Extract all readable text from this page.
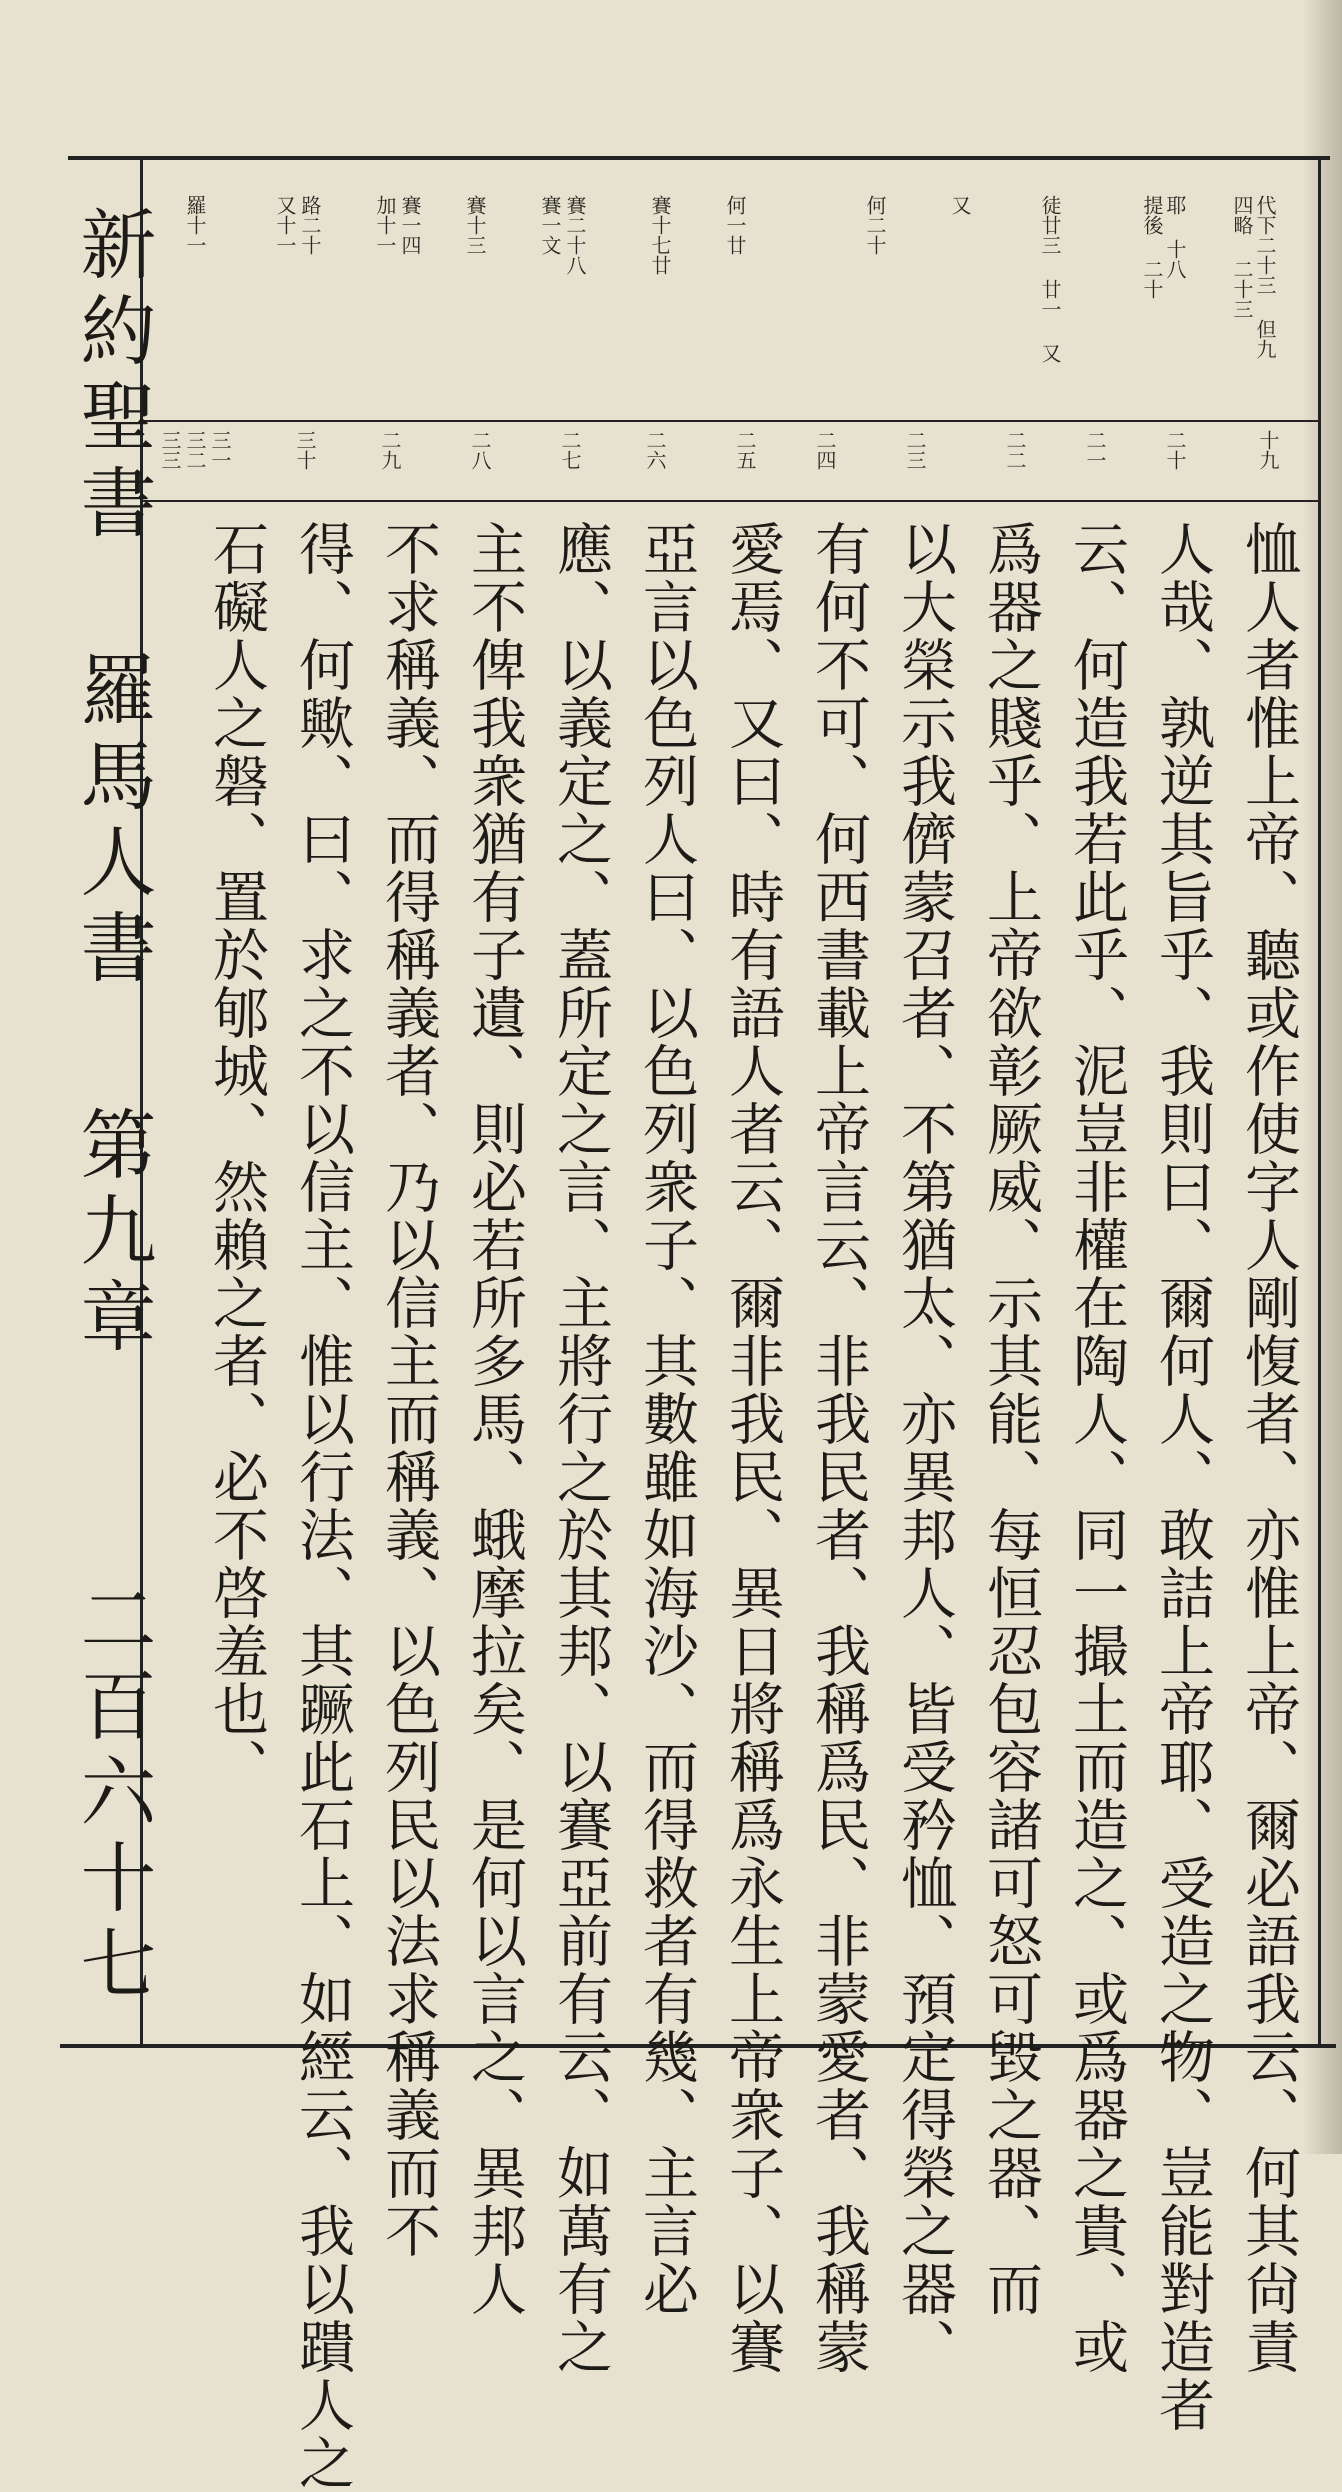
新約聖書
羅馬人書
第九章
二百六十七
代下二十三 但九
四略 二十三
耶 十八
提後 二十
徒廿三 廿一 又
又
何二十
何一廿
賽十七廿
賽二十八
賽一文
賽十三
賽一四
加十一
路二十
又十一
羅十一
十九
二十
二一
二二
二三
二四
二五
二六
二七
二八
二九
三十
三一
三二
三三
恤人者惟上帝、聽或作使字人剛愎者、亦惟上帝、爾必語我云、何其尙責
人哉、孰逆其旨乎、我則曰、爾何人、敢詰上帝耶、受造之物、豈能對造者
云、何造我若此乎、泥豈非權在陶人、同一撮土而造之、或爲器之貴、或
爲器之賤乎、上帝欲彰厥威、示其能、每恒忍包容諸可怒可毀之器、而
以大榮示我儕蒙召者、不第猶太、亦異邦人、皆受矜恤、預定得榮之器、
有何不可、何西書載上帝言云、非我民者、我稱爲民、非蒙愛者、我稱蒙
愛焉、又曰、時有語人者云、爾非我民、異日將稱爲永生上帝衆子、以賽
亞言以色列人曰、以色列衆子、其數雖如海沙、而得救者有幾、主言必
應、以義定之、蓋所定之言、主將行之於其邦、以賽亞前有云、如萬有之
主不俾我衆猶有子遺、則必若所多馬、蛾摩拉矣、是何以言之、異邦人
不求稱義、而得稱義者、乃以信主而稱義、以色列民以法求稱義而不
得、何歟、曰、求之不以信主、惟以行法、其蹶此石上、如經云、我以蹪人之
石礙人之磐、置於郇城、然賴之者、必不啓羞也、
